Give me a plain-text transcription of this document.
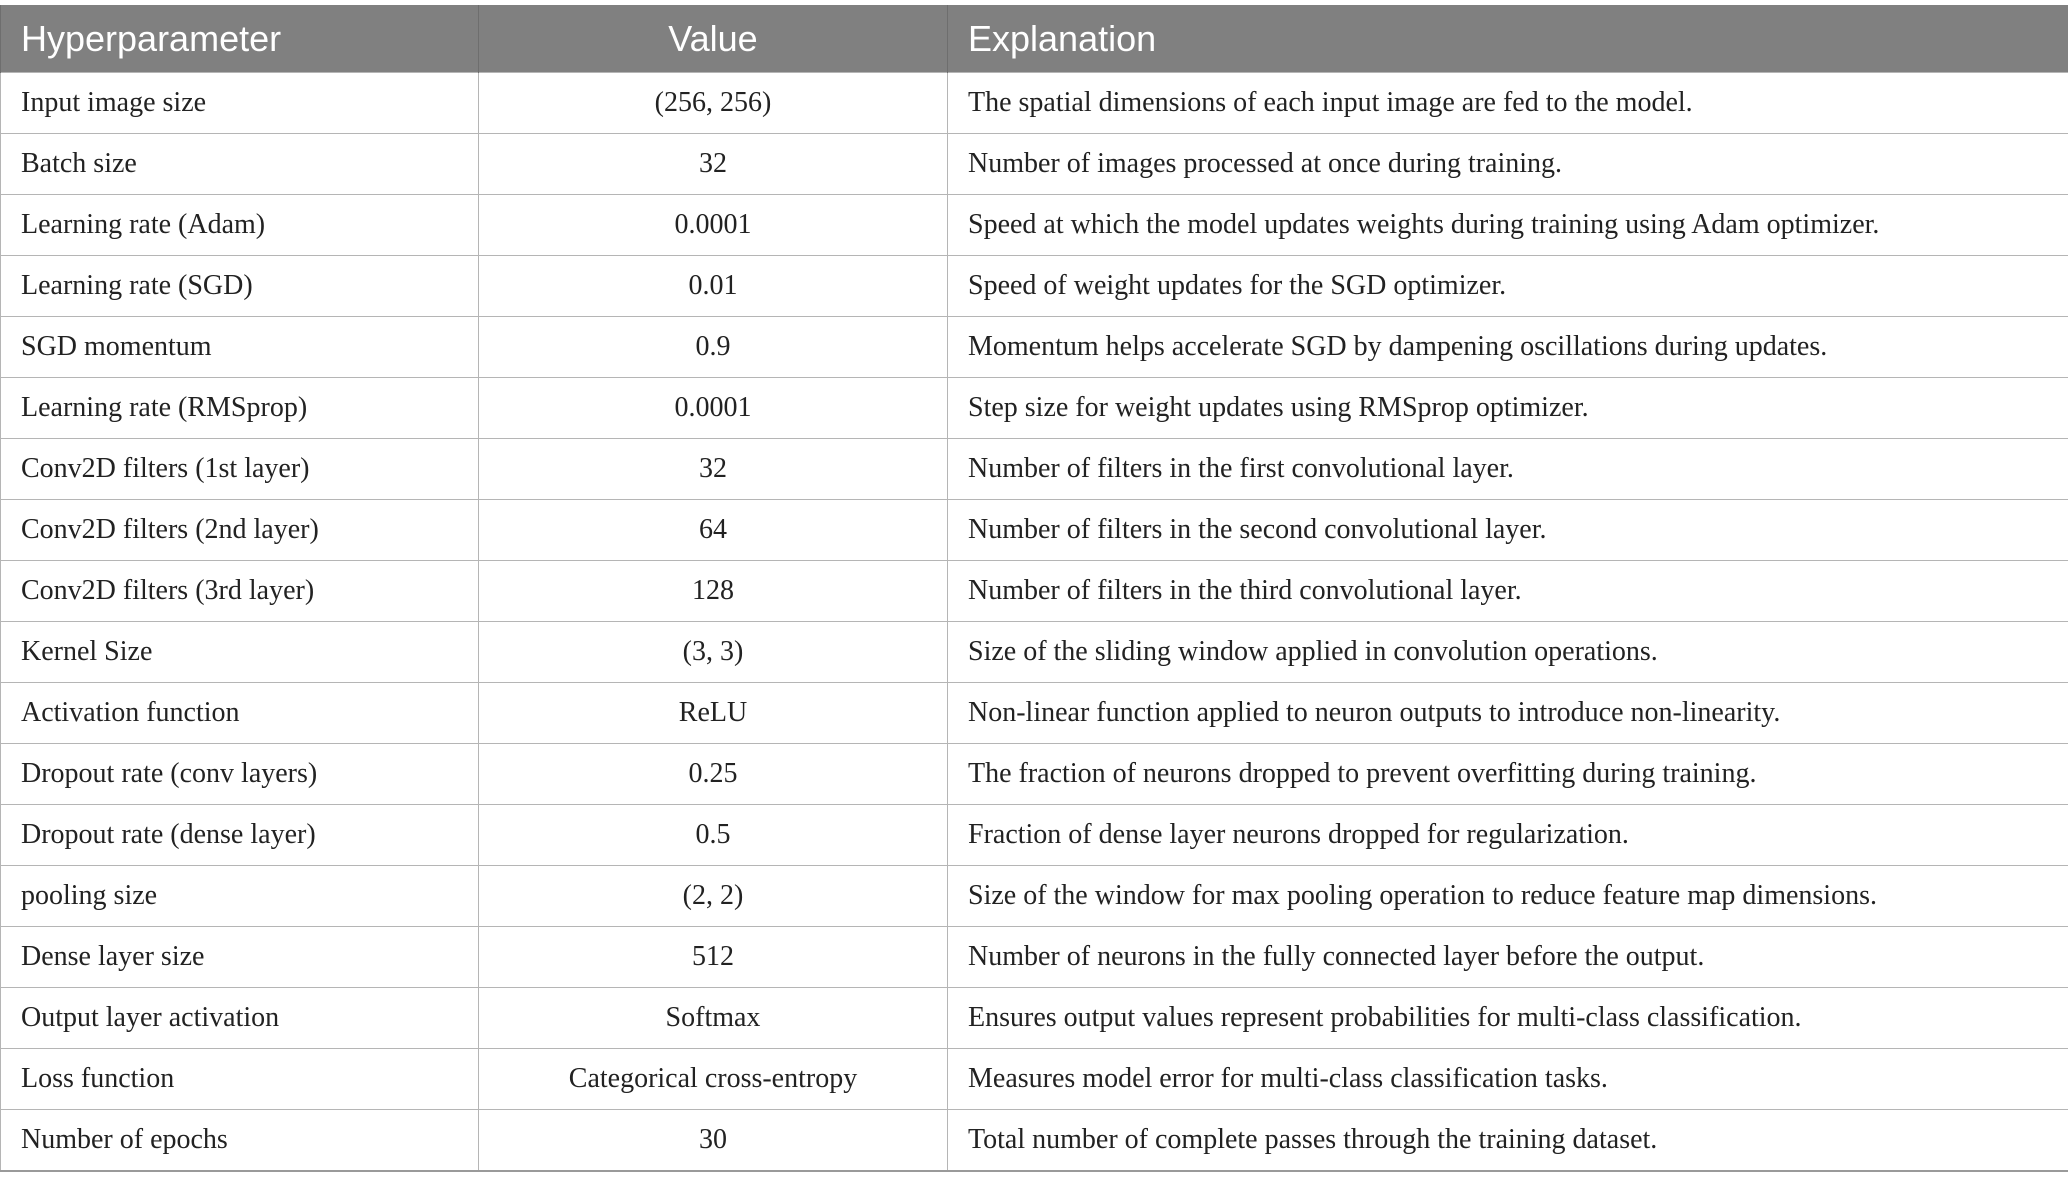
Hyperparameter	Value	Explanation
Input image size	(256, 256)	The spatial dimensions of each input image are fed to the model.
Batch size	32	Number of images processed at once during training.
Learning rate (Adam)	0.0001	Speed at which the model updates weights during training using Adam optimizer.
Learning rate (SGD)	0.01	Speed of weight updates for the SGD optimizer.
SGD momentum	0.9	Momentum helps accelerate SGD by dampening oscillations during updates.
Learning rate (RMSprop)	0.0001	Step size for weight updates using RMSprop optimizer.
Conv2D filters (1st layer)	32	Number of filters in the first convolutional layer.
Conv2D filters (2nd layer)	64	Number of filters in the second convolutional layer.
Conv2D filters (3rd layer)	128	Number of filters in the third convolutional layer.
Kernel Size	(3, 3)	Size of the sliding window applied in convolution operations.
Activation function	ReLU	Non-linear function applied to neuron outputs to introduce non-linearity.
Dropout rate (conv layers)	0.25	The fraction of neurons dropped to prevent overfitting during training.
Dropout rate (dense layer)	0.5	Fraction of dense layer neurons dropped for regularization.
pooling size	(2, 2)	Size of the window for max pooling operation to reduce feature map dimensions.
Dense layer size	512	Number of neurons in the fully connected layer before the output.
Output layer activation	Softmax	Ensures output values represent probabilities for multi-class classification.
Loss function	Categorical cross-entropy	Measures model error for multi-class classification tasks.
Number of epochs	30	Total number of complete passes through the training dataset.
